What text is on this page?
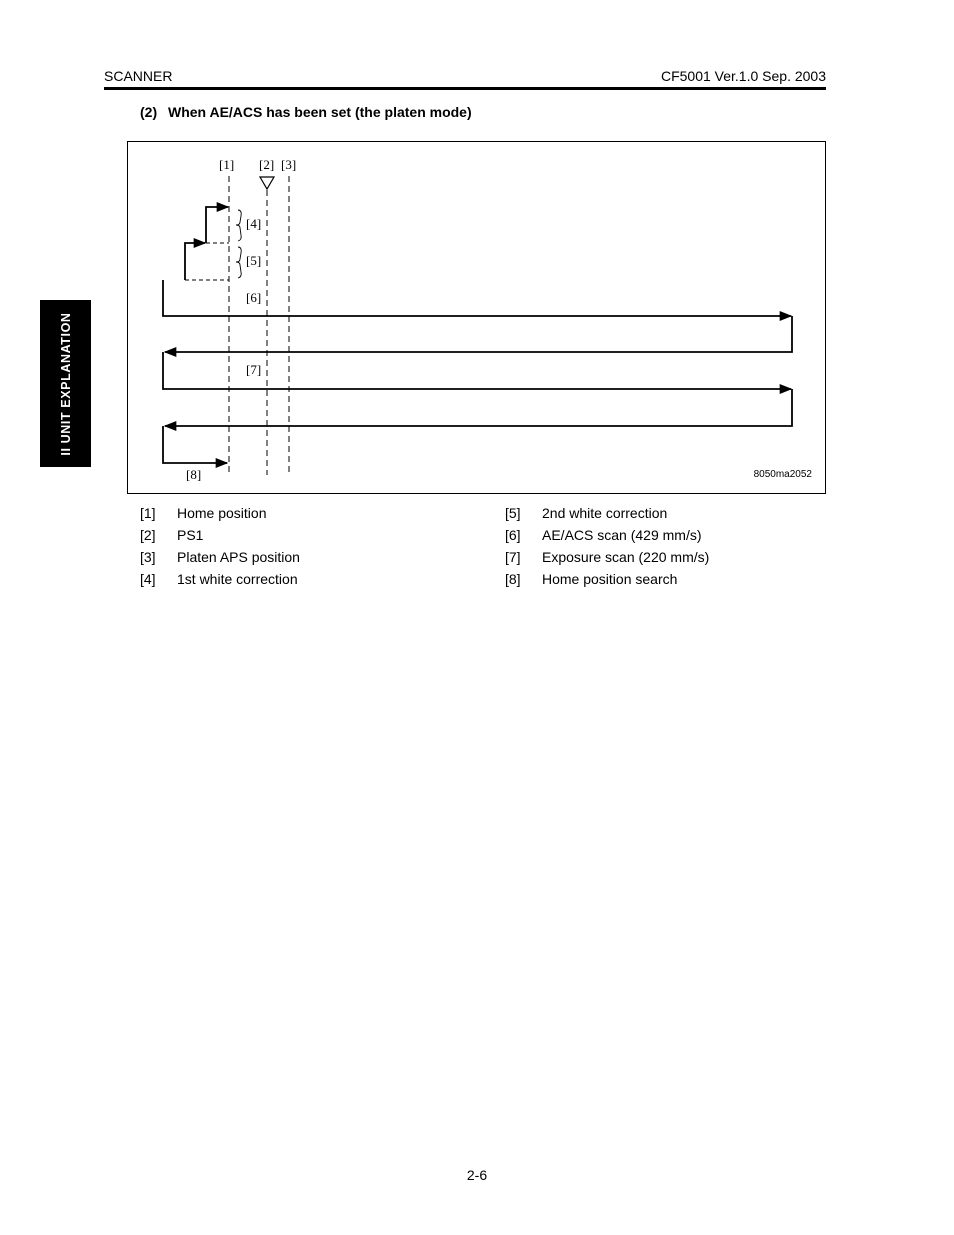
SCANNER	CF5001 Ver.1.0 Sep. 2003
II UNIT EXPLANATION
(2) When AE/ACS has been set (the platen mode)
[1] [2] [3]
[4]
[5]
[6]
[7]
[8]	8050ma2052
[1] Home position
[2] PS1
[3] Platen APS position
[4] 1st white correction
[5] 2nd white correction
[6] AE/ACS scan (429 mm/s)
[7] Exposure scan (220 mm/s)
[8] Home position search
2-6
